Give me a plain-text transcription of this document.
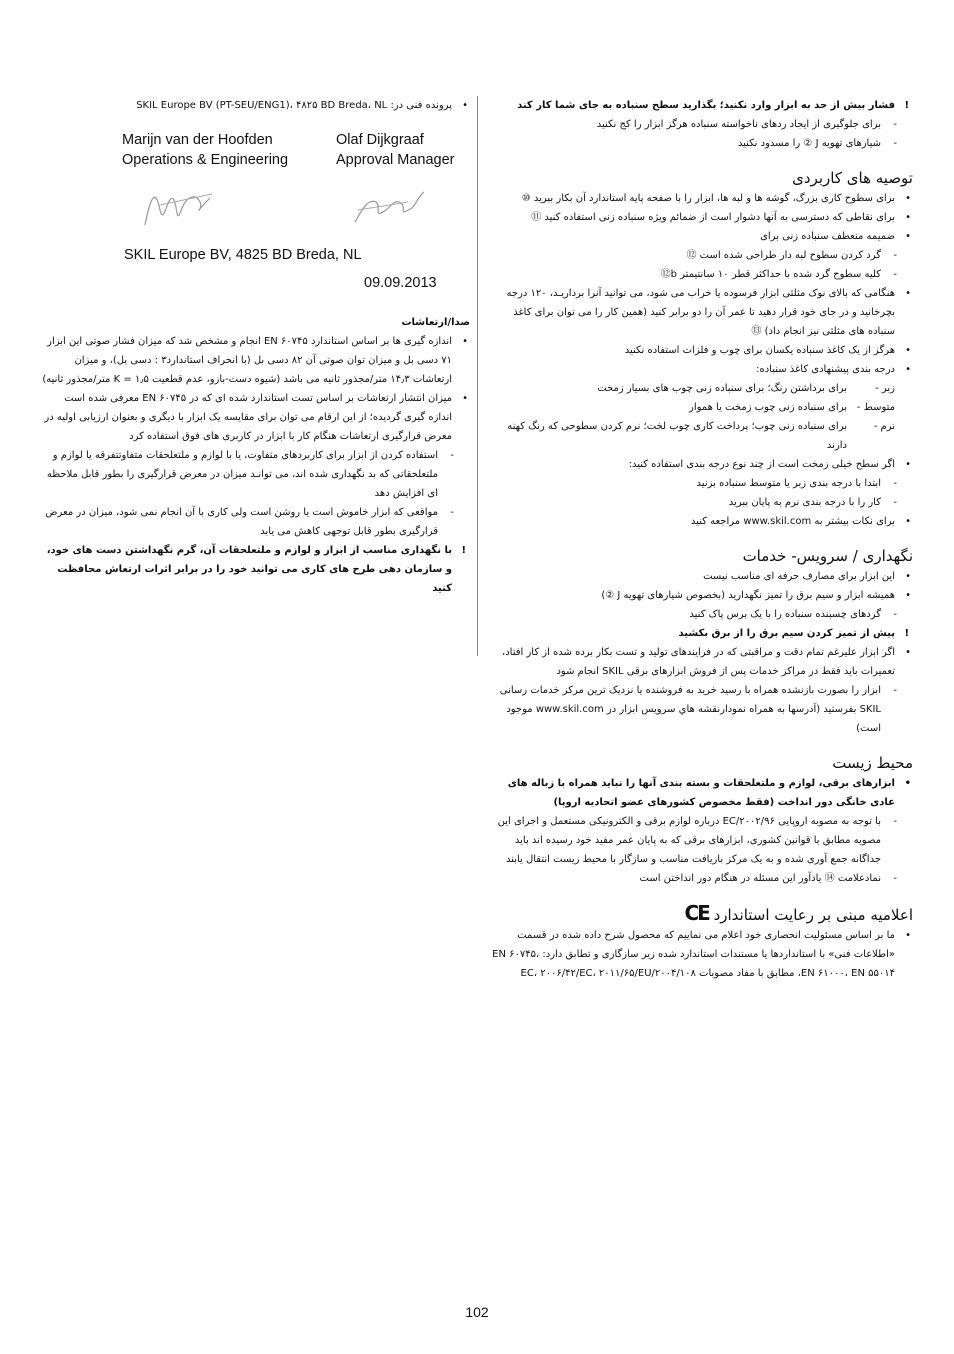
! فشار بیش از حد به ابزار وارد نکنید؛ بگذارید سطح سنباده به جای شما کار کند

- برای جلوگیری از ایجاد ردهای ناخواسته سنباده هرگز ابزار را کج نکنید

- شیارهای تهویه J ② را مسدود نکنید

توصیه های کاربردی

• برای سطوح کاری بزرگ، گوشه ها و لبه ها، ابزار را با صفحه پایه استاندارد آن بکار ببرید ⑩

• برای نقاطی که دسترسی به آنها دشوار است از ضمائم ویژه سنباده زنی استفاده کنید ⑪

• ضمیمه منعطف سنباده زنی برای

- گرد کردن سطوح لبه دار طراحی شده است ⑫

- کلیه سطوح گرد شده با حداکثر قطر ۱۰ سانتیمتر b⑫

• هنگامی که بالای نوک مثلثی ابزار فرسوده یا خراب می شود، می توانید آنرا برداریـد، ۱۲۰ درجه بچرخانید و در جای خود قرار دهید تا عمر آن را دو برابر کنید (همین کار را می توان برای کاغذ سنباده های مثلثی نیز انجام داد) ⑬

• هرگز از یک کاغذ سنباده یکسان برای چوب و فلزات استفاده نکنید

• درجه بندی پیشنهادی کاغذ سنباده:

زبر -
برای برداشتن رنگ؛ برای سنباده زنی چوب های بسیار زمخت
متوسط -
برای سنباده زنی چوب زمخت یا هموار
نرم -
برای سنباده زنی چوب؛ پرداخت کاری چوب لخت؛ نرم کردن سطوحی که رنگ کهنه دارند

• اگر سطح خیلی زمخت است از چند نوع درجه بندی استفاده کنید:

- ابتدا با درجه بندی زبر یا متوسط سنباده بزنید

- کار را با درجه بندی نرم به پایان ببرید

• برای نکات بیشتر به www.skil.com مراجعه کنید

نگهداری / سرویس- خدمات

• این ابزار برای مصارف حرفه ای مناسب نیست

• همیشه ابزار و سیم برق را تمیز نگهدارید (بخصوص شیارهای تهویه J ②)

- گردهای چسبنده سنباده را با یک برس پاک کنید

! پیش از تمیز کردن سیم برق را از برق بکشید

• اگر ابزار علیرغم تمام دقت و مراقبتی که در فرایندهای تولید و تست بکار برده شده از کار افتاد، تعمیرات باید فقط در مراکز خدمات پس از فروش ابزارهای برقی SKIL انجام شود

- ابزار را بصورت بازنشده همراه با رسید خرید به فروشنده یا نزدیک ترین مرکز خدمات رسانی SKIL بفرستید (آدرسها به همراه نمودارنقشه هاي سرويس ابزار در www.skil.com موجود است)

محیط زیست

• ابزارهای برقی، لوازم و ملتعلحقات و بسته بندی آنها را نباید همراه با زباله های عادی خانگی دور انداخت (فقط مخصوص کشورهای عضو اتحادیه اروپا)

- با توجه به مصوبه اروپایی ۲۰۰۲/۹۶/EC درباره لوازم برقی و الکترونیکی مستعمل و اجرای این مصوبه مطابق با قوانین کشوری، ابزارهای برقی که به پایان عمر مفید خود رسیده اند باید جداگانه جمع آوری شده و به یک مرکز بازیافت مناسب و سازگار با محیط زیست انتقال یابند

- نمادعلامت ⑭ یادآور این مسئله در هنگام دور انداختن است

اعلامیه مبنی بر رعایت استاندارد CE

• ما بر اساس مسئولیت انحصاری خود اعلام می نماییم که محصول شرح داده شده در قسمت «اطلاعات فنی» با استانداردها یا مستندات استاندارد شده زیر سازگاری و تطابق دارد: EN ۶۰۷۴۵، EN ۶۱۰۰۰، EN ۵۵۰۱۴، مطابق با مفاد مصوبات ۲۰۰۴/۱۰۸/EC، ۲۰۰۶/۴۲/EC، ۲۰۱۱/۶۵/EU

• پرونده فنی در: SKIL Europe BV (PT-SEU/ENG1)، ۴۸۲۵ BD Breda، NL

Marijn van der Hoofden
Operations & Engineering
Olaf Dijkgraaf
Approval Manager
SKIL Europe BV, 4825 BD Breda, NL
09.09.2013
صدا/ارتعاشات

• اندازه گیری ها بر اساس استاندارد EN ۶۰۷۴۵ انجام و مشخص شد که میزان فشار صوتی این ابزار ۷۱ دسی بل و میزان توان صوتی آن ۸۲ دسی بل (با انحراف استاندارد۳ : دسی بل)، و میزان ارتعاشات ۱۴٫۳ متر/مجذور ثانیه می باشد (شیوه دست-بازو، عدم قطعیت K = ۱٫۵ متر/مجذور ثانیه)

• میزان انتشار ارتعاشات بر اساس تست استاندارد شده ای که در EN ۶۰۷۴۵ معرفی شده است اندازه گیری گردیده؛ از این ارقام می توان برای مقایسه یک ابزار با دیگری و بعنوان ارزیابی اولیه در معرض قرارگیری ارتعاشات هنگام کار با ابزار در کاربری های فوق استفاده کرد

- استفاده کردن از ابزار برای کاربردهای متفاوت، یا با لوازم و ملتعلحقات متفاوتتفرقه یا لوازم و ملتعلحقاتی که بد نگهداری شده اند، می توانـد میزان در معرض قرارگیری را بطور قابل ملاحظه ای افزایش دهد

- مواقعی که ابزار خاموش است یا روشن است ولی کاری با آن انجام نمی شود، میزان در معرض قرارگیری بطور قابل توجهی کاهش می یابد

! با نگهداری مناسب از ابزار و لوازم و ملتعلحقات آن، گرم نگهداشتن دست های خود، و سازمان دهی طرح های کاری می توانید خود را در برابر اثرات ارتعاش محافظت کنید

102
